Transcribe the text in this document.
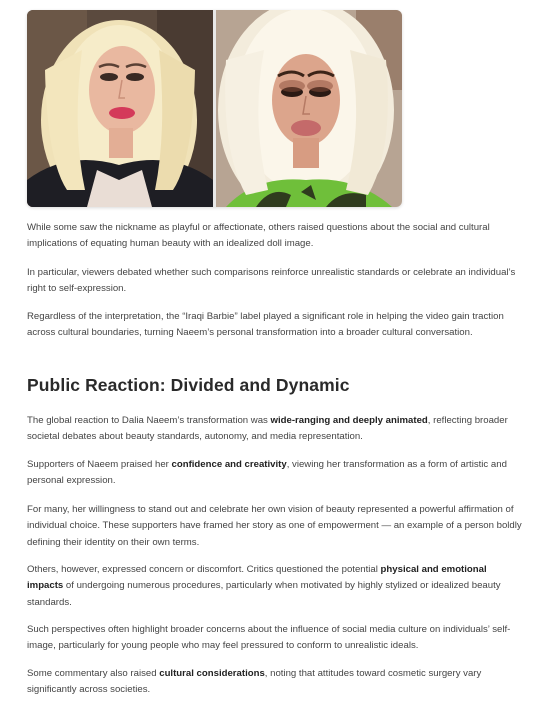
While some saw the nickname as playful or affectionate, others raised questions about the social and cultural implications of equating human beauty with an idealized doll image.

In particular, viewers debated whether such comparisons reinforce unrealistic standards or celebrate an individual’s right to self-expression.

Regardless of the interpretation, the “Iraqi Barbie” label played a significant role in helping the video gain traction across cultural boundaries, turning Naeem’s personal transformation into a broader cultural conversation.

Public Reaction: Divided and Dynamic

The global reaction to Dalia Naeem’s transformation was wide-ranging and deeply animated, reflecting broader societal debates about beauty standards, autonomy, and media representation.

Supporters of Naeem praised her confidence and creativity, viewing her transformation as a form of artistic and personal expression.

For many, her willingness to stand out and celebrate her own vision of beauty represented a powerful affirmation of individual choice. These supporters have framed her story as one of empowerment — an example of a person boldly defining their identity on their own terms.

Others, however, expressed concern or discomfort. Critics questioned the potential physical and emotional impacts of undergoing numerous procedures, particularly when motivated by highly stylized or idealized beauty standards.

Such perspectives often highlight broader concerns about the influence of social media culture on individuals’ self-image, particularly for young people who may feel pressured to conform to unrealistic ideals.

Some commentary also raised cultural considerations, noting that attitudes toward cosmetic surgery vary significantly across societies.
